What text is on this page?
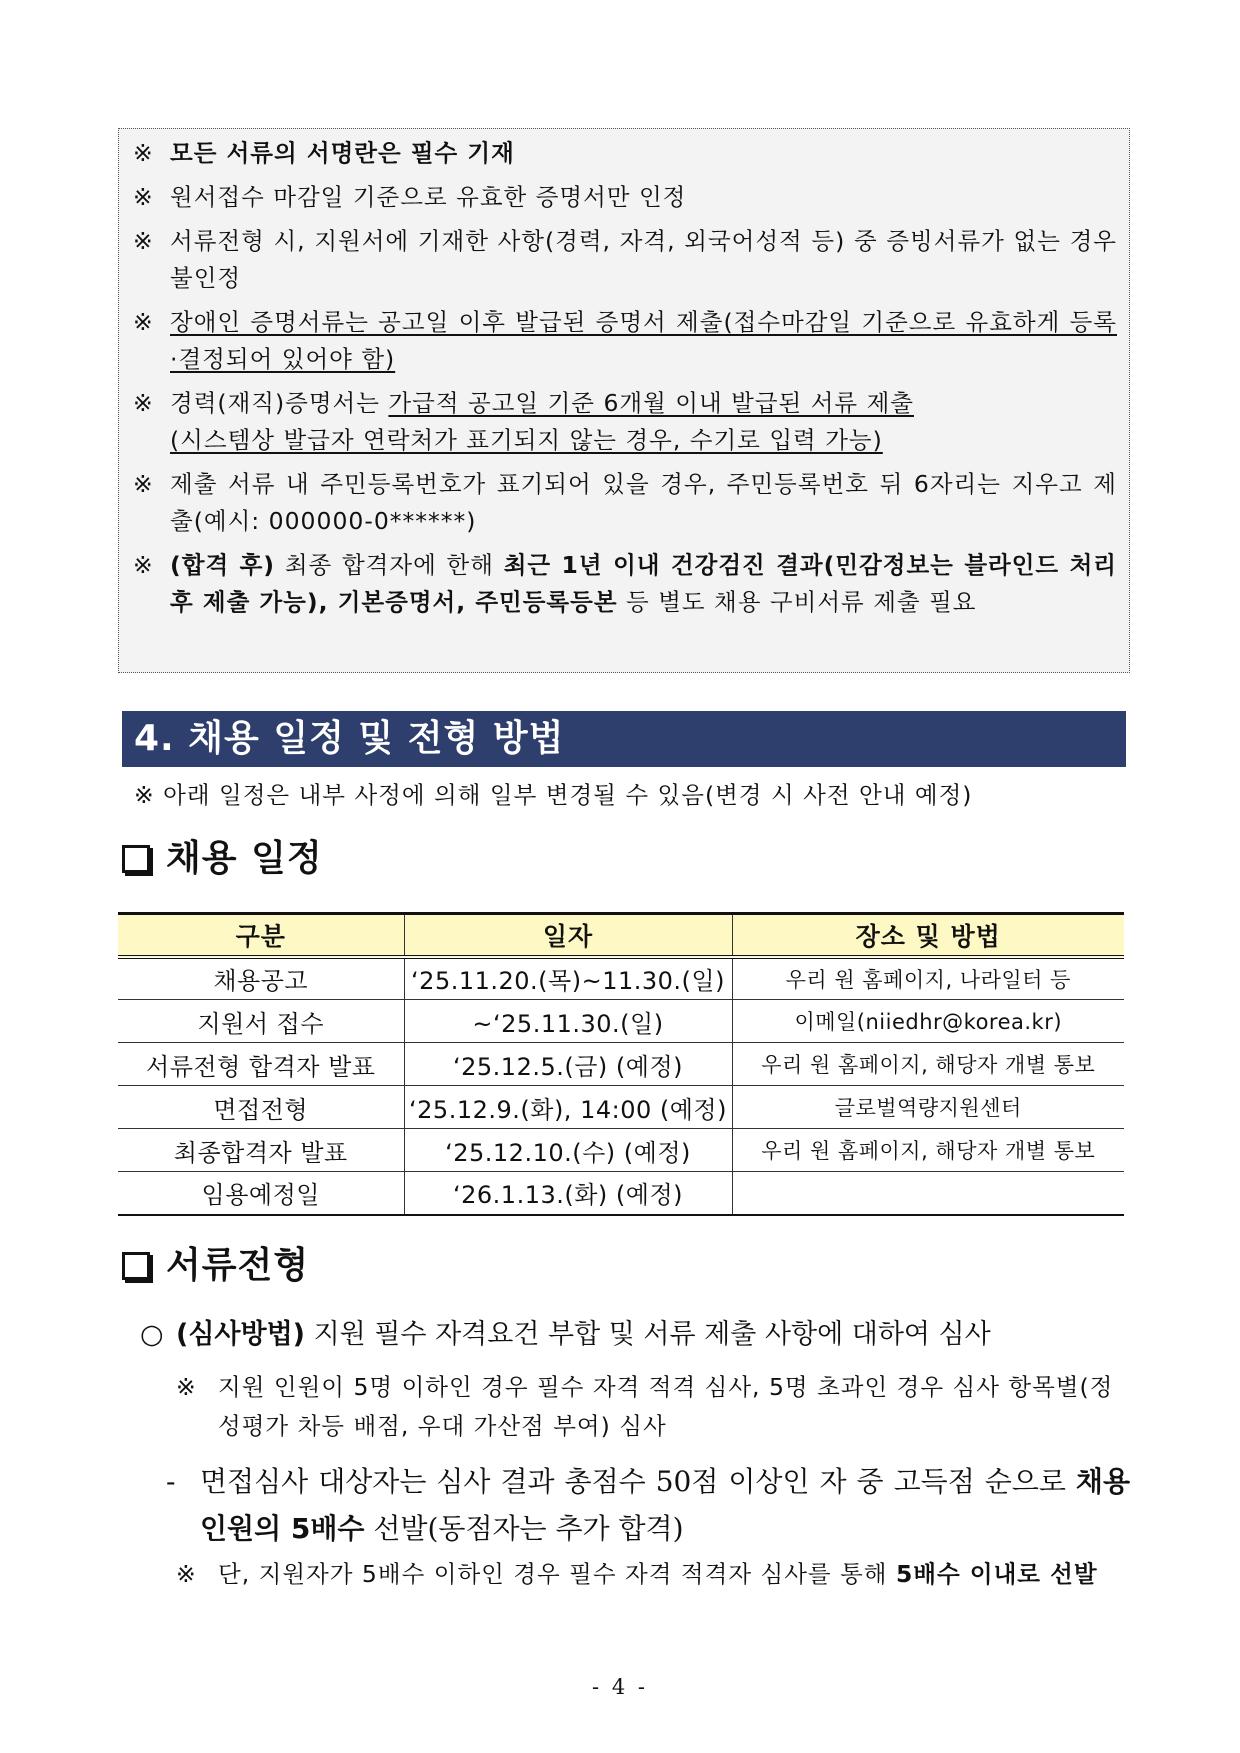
※ 모든 서류의 서명란은 필수 기재
※ 원서접수 마감일 기준으로 유효한 증명서만 인정
※ 서류전형 시, 지원서에 기재한 사항(경력, 자격, 외국어성적 등) 중 증빙서류가 없는 경우 불인정
※ 장애인 증명서류는 공고일 이후 발급된 증명서 제출(접수마감일 기준으로 유효하게 등록·결정되어 있어야 함)
※ 경력(재직)증명서는 가급적 공고일 기준 6개월 이내 발급된 서류 제출
(시스템상 발급자 연락처가 표기되지 않는 경우, 수기로 입력 가능)
※ 제출 서류 내 주민등록번호가 표기되어 있을 경우, 주민등록번호 뒤 6자리는 지우고 제출(예시: 000000-0******)
※ (합격 후) 최종 합격자에 한해 최근 1년 이내 건강검진 결과(민감정보는 블라인드 처리 후 제출 가능), 기본증명서, 주민등록등본 등 별도 채용 구비서류 제출 필요
4. 채용 일정 및 전형 방법
※ 아래 일정은 내부 사정에 의해 일부 변경될 수 있음(변경 시 사전 안내 예정)
채용 일정
구분	일자	장소 및 방법
채용공고	‘25.11.20.(목)~11.30.(일)	우리 원 홈페이지, 나라일터 등
지원서 접수	~‘25.11.30.(일)	이메일(niiedhr@korea.kr)
서류전형 합격자 발표	‘25.12.5.(금) (예정)	우리 원 홈페이지, 해당자 개별 통보
면접전형	‘25.12.9.(화), 14:00 (예정)	글로벌역량지원센터
최종합격자 발표	‘25.12.10.(수) (예정)	우리 원 홈페이지, 해당자 개별 통보
임용예정일	‘26.1.13.(화) (예정)	
서류전형
○ (심사방법) 지원 필수 자격요건 부합 및 서류 제출 사항에 대하여 심사
※ 지원 인원이 5명 이하인 경우 필수 자격 적격 심사, 5명 초과인 경우 심사 항목별(정성평가 차등 배점, 우대 가산점 부여) 심사
- 면접심사 대상자는 심사 결과 총점수 50점 이상인 자 중 고득점 순으로 채용인원의 5배수 선발(동점자는 추가 합격)
※ 단, 지원자가 5배수 이하인 경우 필수 자격 적격자 심사를 통해 5배수 이내로 선발
- 4 -
